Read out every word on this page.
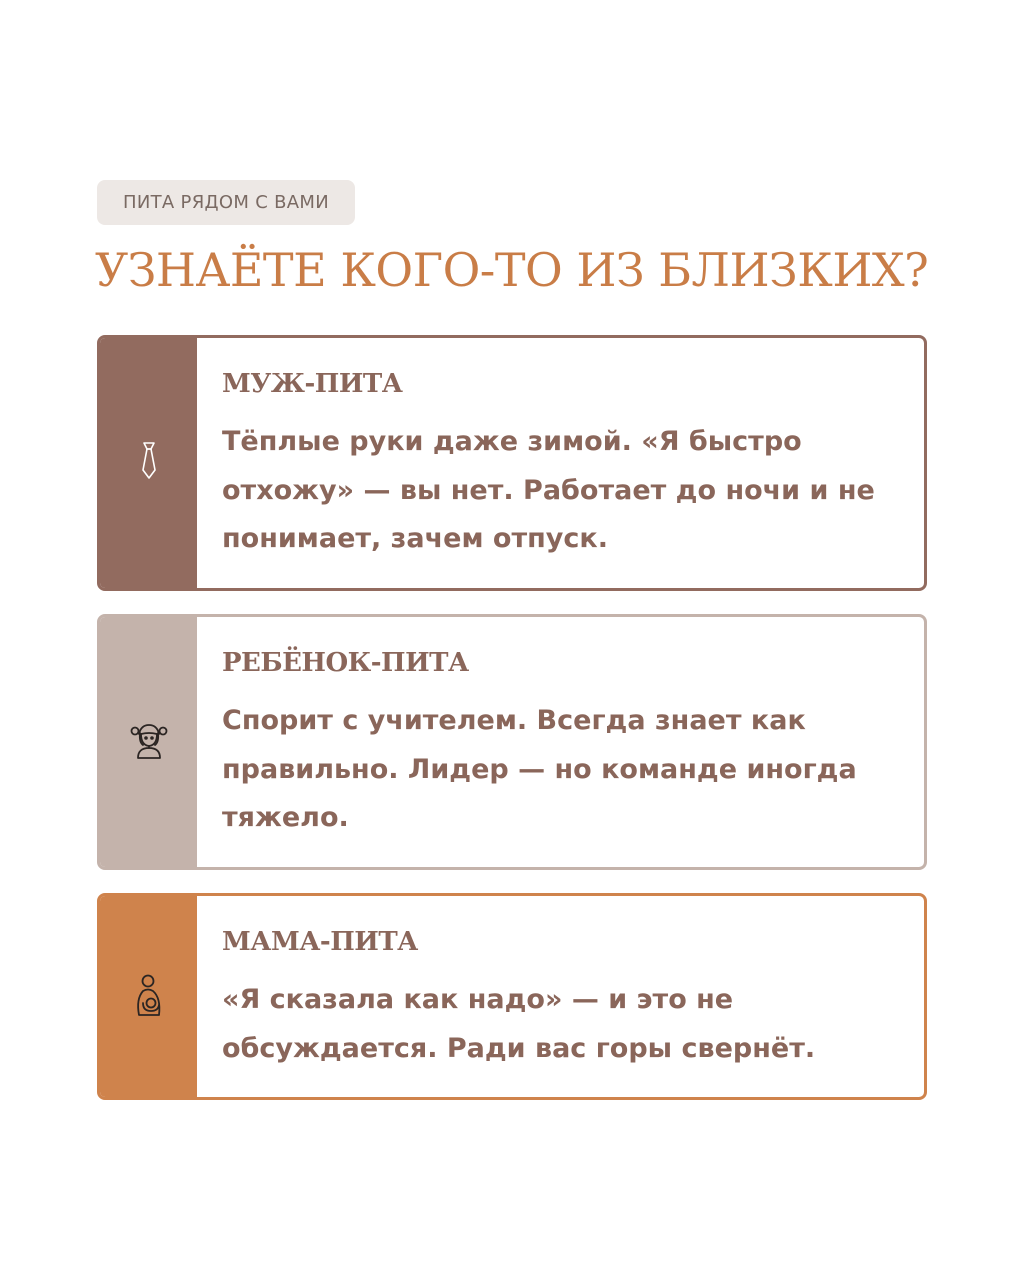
ПИТА РЯДОМ С ВАМИ
УЗНАЁТЕ КОГО-ТО ИЗ БЛИЗКИХ?
МУЖ-ПИТА

Тёплые руки даже зимой. «Я быстро отхожу» — вы нет. Работает до ночи и не понимает, зачем отпуск.

РЕБЁНОК-ПИТА

Спорит с учителем. Всегда знает как правильно. Лидер — но команде иногда тяжело.

МАМА-ПИТА

«Я сказала как надо» — и это не обсуждается. Ради вас горы свернёт.
